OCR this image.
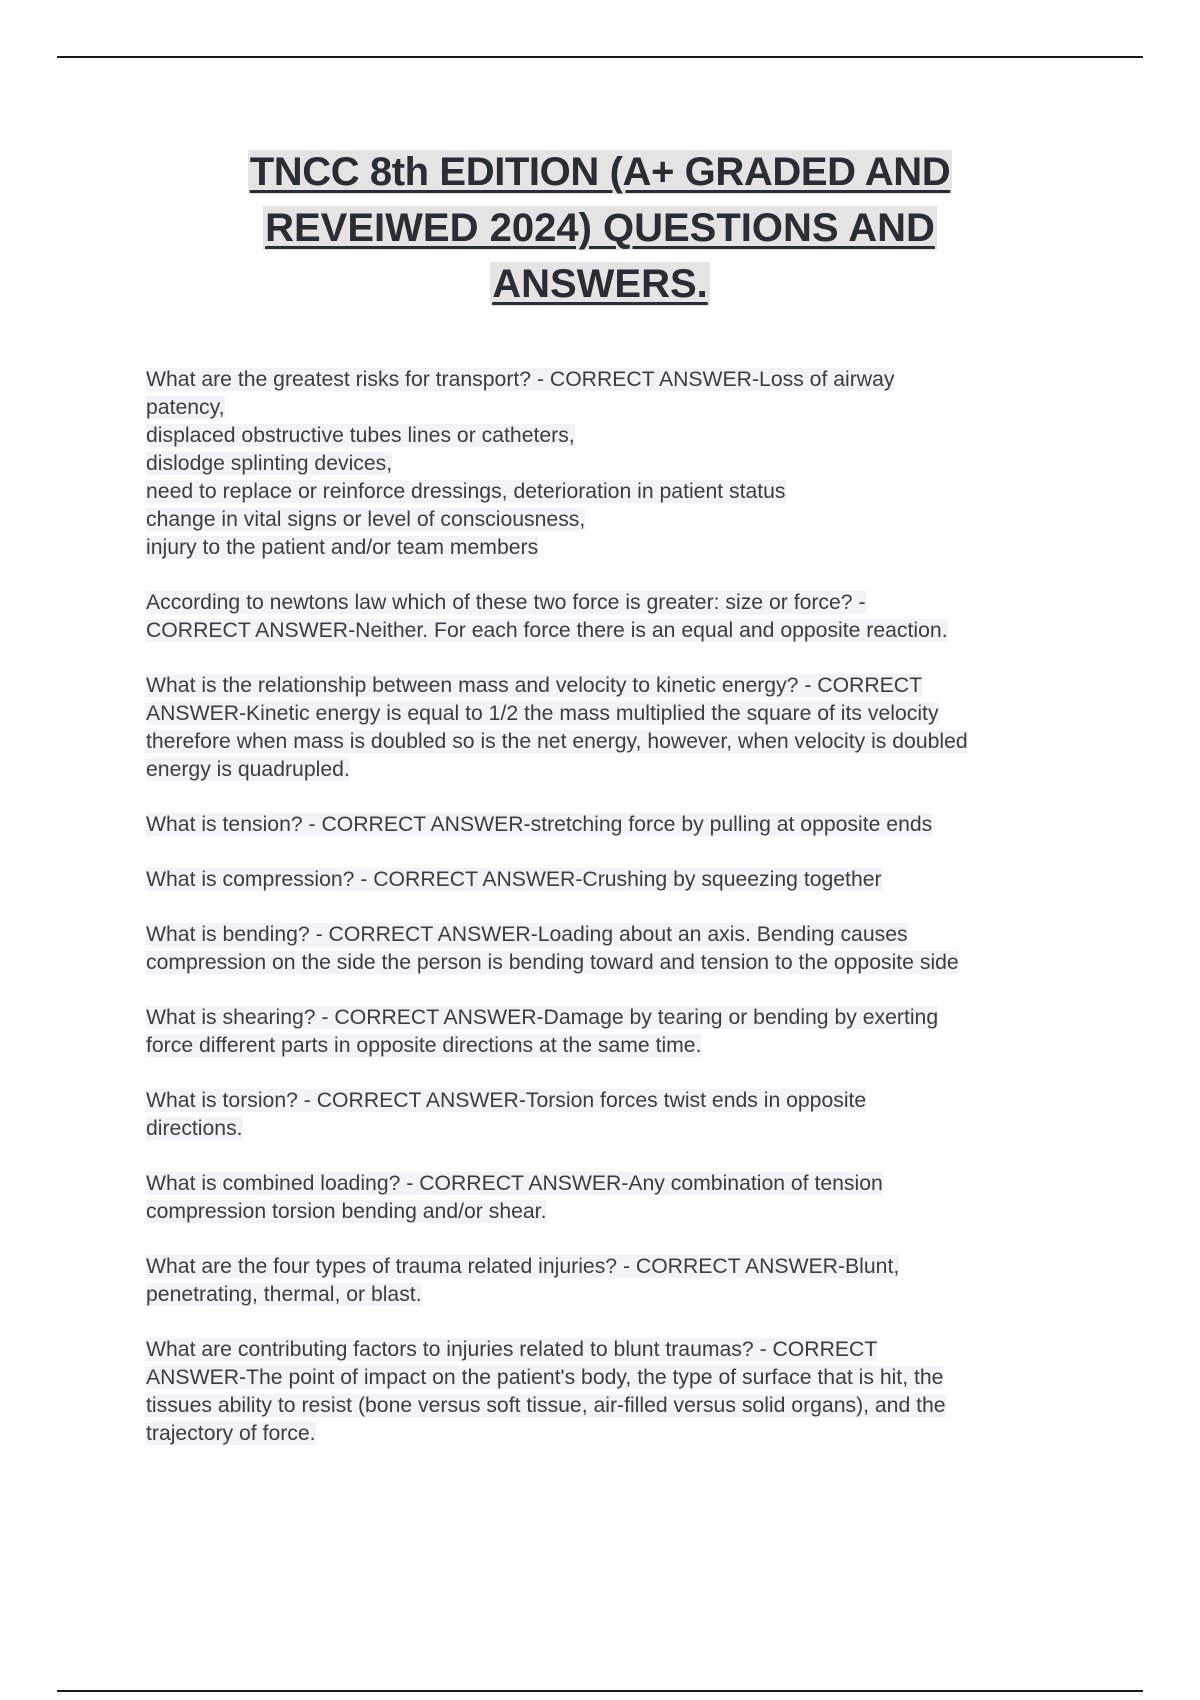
TNCC 8th EDITION (A+ GRADED AND
REVEIWED 2024) QUESTIONS AND
ANSWERS.
What are the greatest risks for transport? - CORRECT ANSWER-Loss of airway
patency,
displaced obstructive tubes lines or catheters,
dislodge splinting devices,
need to replace or reinforce dressings, deterioration in patient status
change in vital signs or level of consciousness,
injury to the patient and/or team members
According to newtons law which of these two force is greater: size or force? -
CORRECT ANSWER-Neither. For each force there is an equal and opposite reaction.
What is the relationship between mass and velocity to kinetic energy? - CORRECT
ANSWER-Kinetic energy is equal to 1/2 the mass multiplied the square of its velocity
therefore when mass is doubled so is the net energy, however, when velocity is doubled
energy is quadrupled.
What is tension? - CORRECT ANSWER-stretching force by pulling at opposite ends
What is compression? - CORRECT ANSWER-Crushing by squeezing together
What is bending? - CORRECT ANSWER-Loading about an axis. Bending causes
compression on the side the person is bending toward and tension to the opposite side
What is shearing? - CORRECT ANSWER-Damage by tearing or bending by exerting
force different parts in opposite directions at the same time.
What is torsion? - CORRECT ANSWER-Torsion forces twist ends in opposite
directions.
What is combined loading? - CORRECT ANSWER-Any combination of tension
compression torsion bending and/or shear.
What are the four types of trauma related injuries? - CORRECT ANSWER-Blunt,
penetrating, thermal, or blast.
What are contributing factors to injuries related to blunt traumas? - CORRECT
ANSWER-The point of impact on the patient's body, the type of surface that is hit, the
tissues ability to resist (bone versus soft tissue, air-filled versus solid organs), and the
trajectory of force.
